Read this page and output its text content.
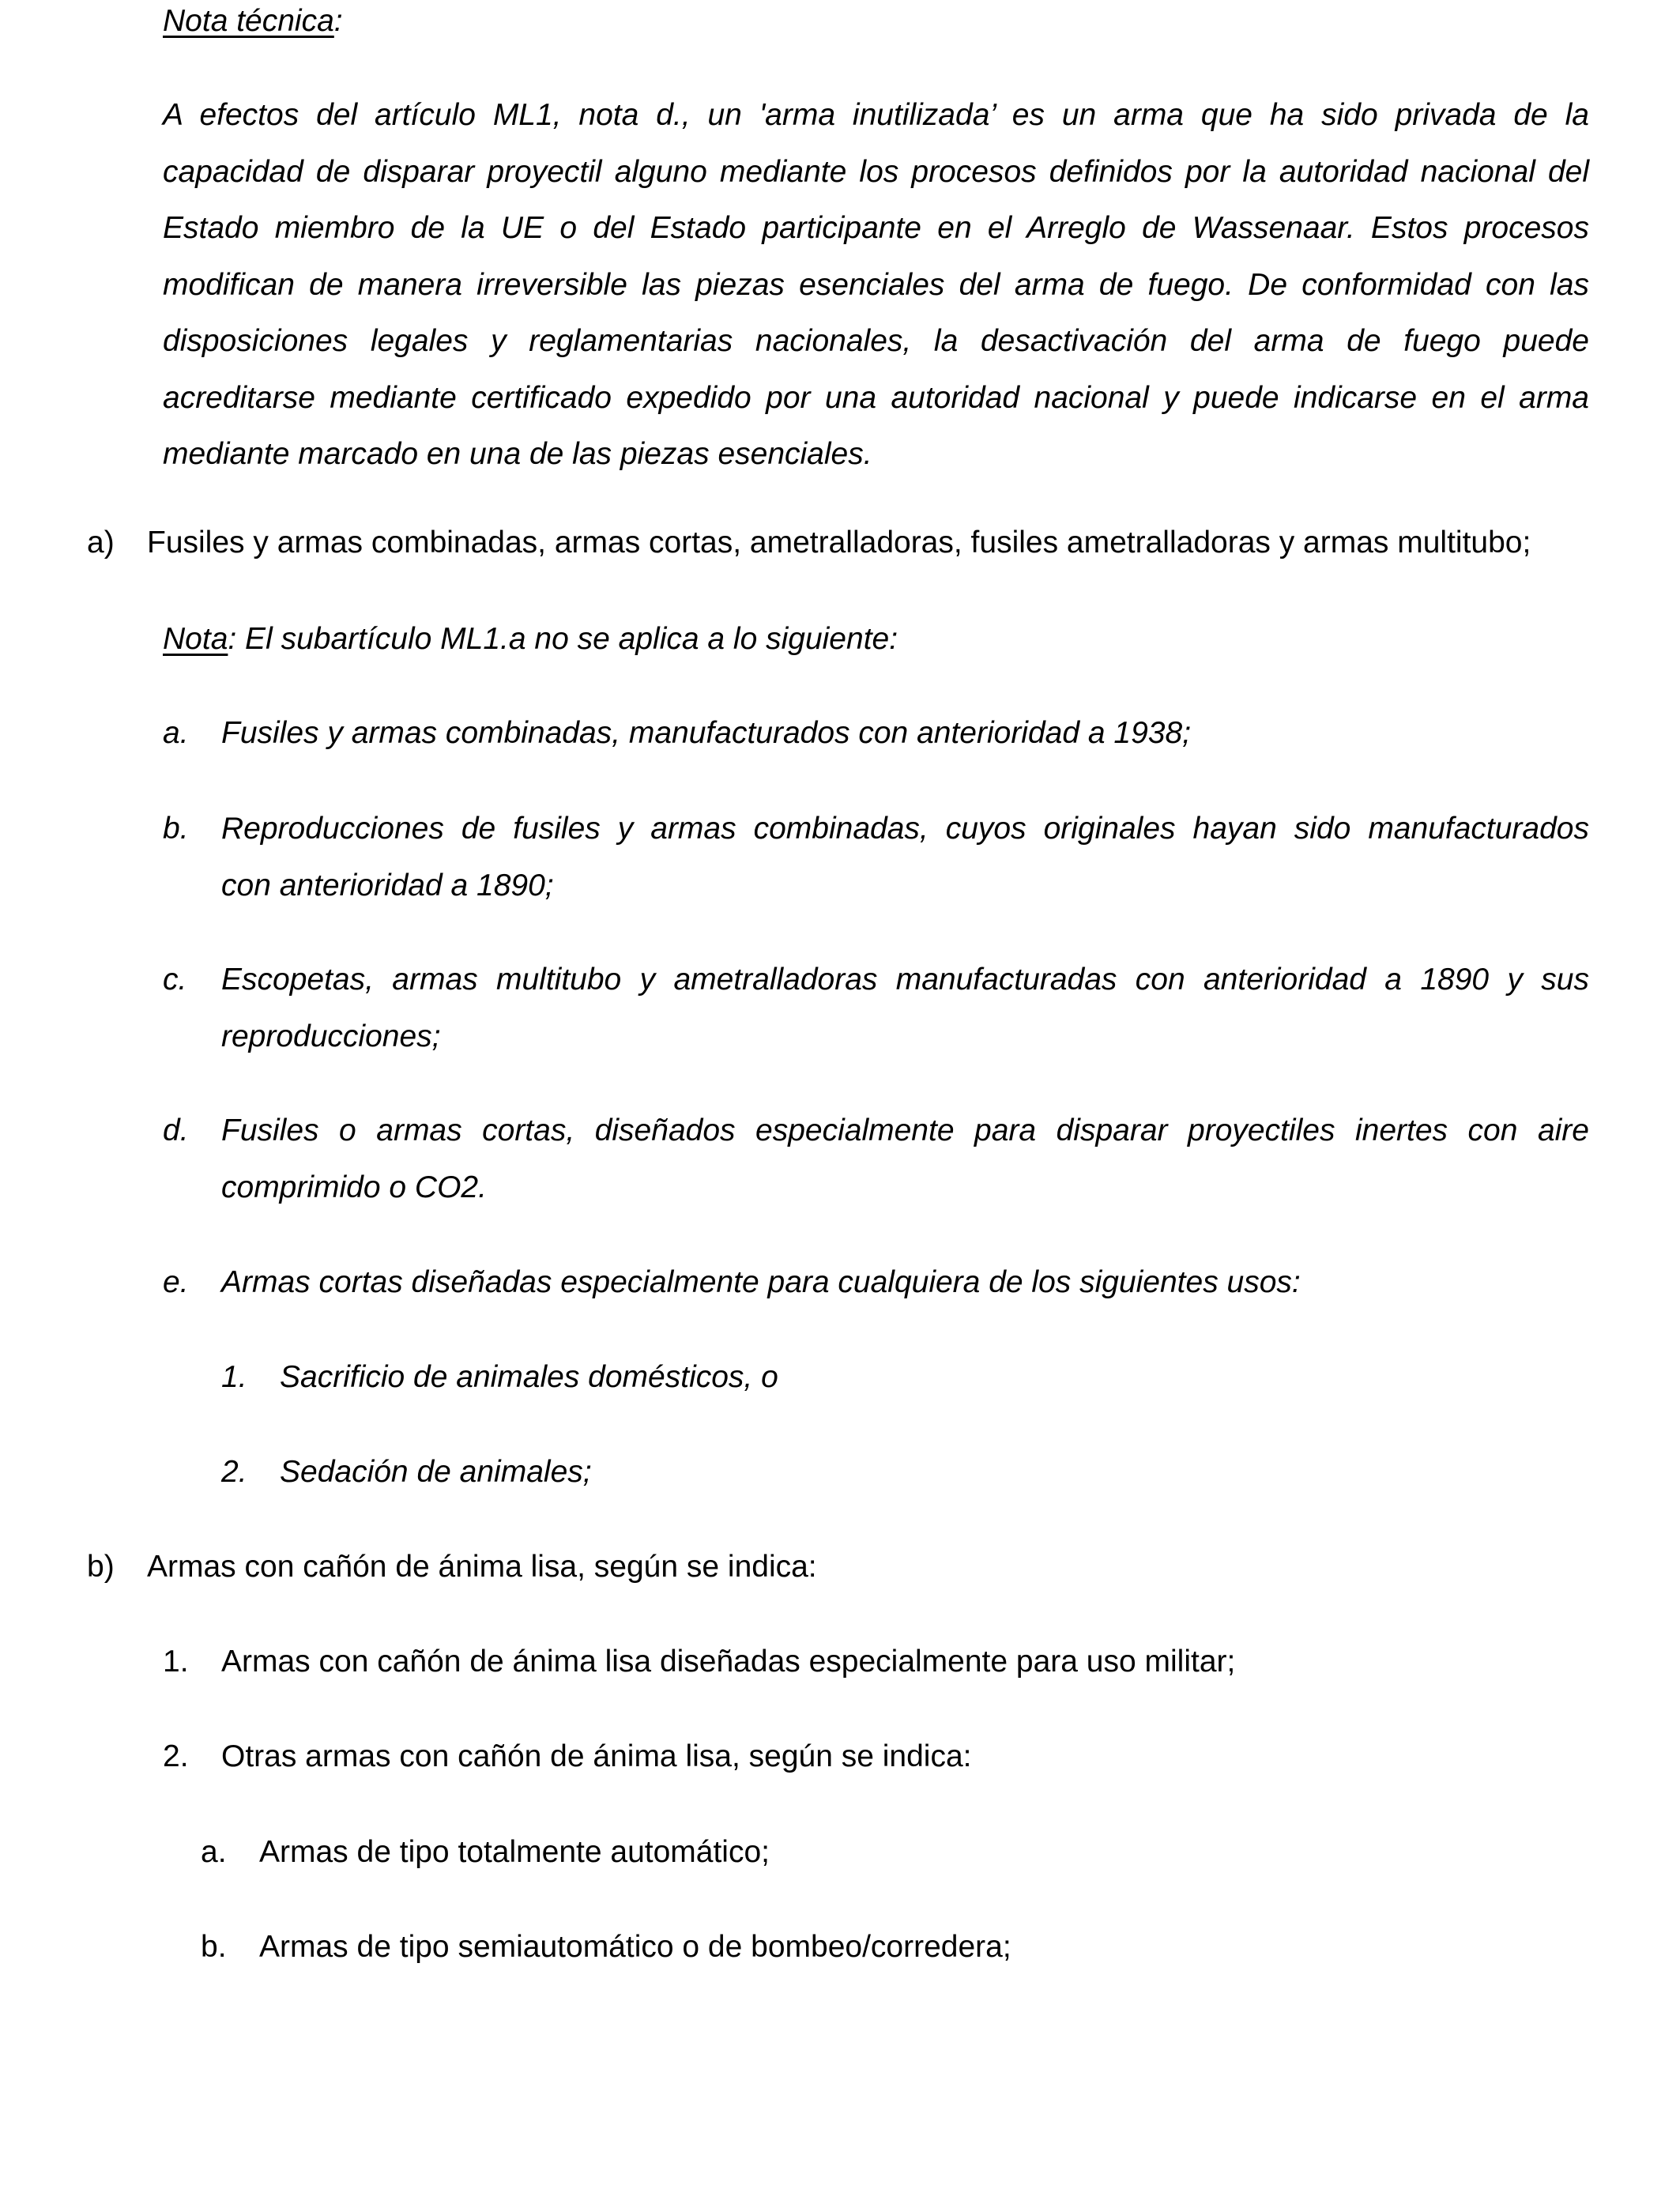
Nota técnica:
A efectos del artículo ML1, nota d., un 'arma inutilizada’ es un arma que ha sido privada de la
capacidad de disparar proyectil alguno mediante los procesos definidos por la autoridad nacional del
Estado miembro de la UE o del Estado participante en el Arreglo de Wassenaar. Estos procesos
modifican de manera irreversible las piezas esenciales del arma de fuego. De conformidad con las
disposiciones legales y reglamentarias nacionales, la desactivación del arma de fuego puede
acreditarse mediante certificado expedido por una autoridad nacional y puede indicarse en el arma
mediante marcado en una de las piezas esenciales.
a) Fusiles y armas combinadas, armas cortas, ametralladoras, fusiles ametralladoras y armas multitubo;
Nota: El subartículo ML1.a no se aplica a lo siguiente:
a. Fusiles y armas combinadas, manufacturados con anterioridad a 1938;
b. Reproducciones de fusiles y armas combinadas, cuyos originales hayan sido manufacturados
con anterioridad a 1890;
c. Escopetas, armas multitubo y ametralladoras manufacturadas con anterioridad a 1890 y sus
reproducciones;
d. Fusiles o armas cortas, diseñados especialmente para disparar proyectiles inertes con aire
comprimido o CO2.
e. Armas cortas diseñadas especialmente para cualquiera de los siguientes usos:
1. Sacrificio de animales domésticos, o
2. Sedación de animales;
b) Armas con cañón de ánima lisa, según se indica:
1. Armas con cañón de ánima lisa diseñadas especialmente para uso militar;
2. Otras armas con cañón de ánima lisa, según se indica:
a. Armas de tipo totalmente automático;
b. Armas de tipo semiautomático o de bombeo/corredera;
